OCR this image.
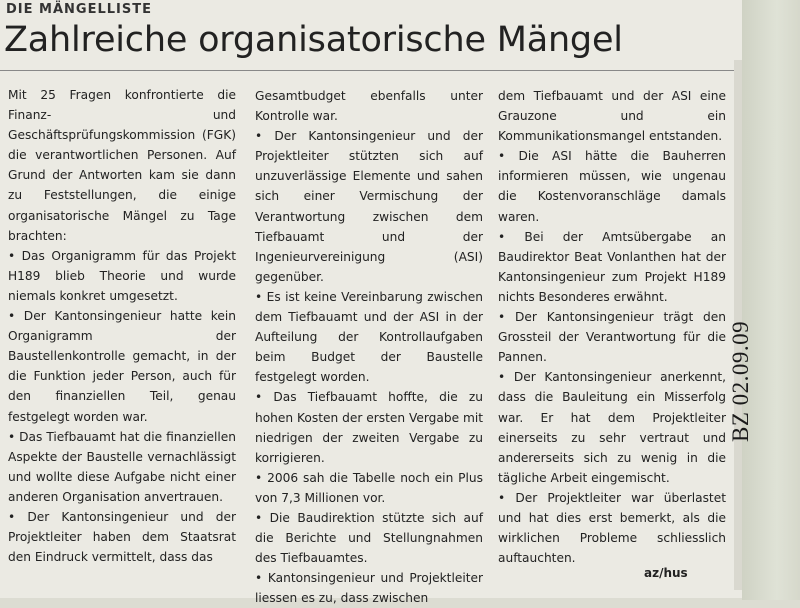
DIE MÄNGELLISTE
Zahlreiche organisatorische Mängel

Mit 25 Fragen konfrontierte die Finanz- und Geschäftsprüfungskommission (FGK) die verantwortlichen Personen. Auf Grund der Antworten kam sie dann zu Feststellungen, die einige organisatorische Mängel zu Tage brachten:

• Das Organigramm für das Projekt H189 blieb Theorie und wurde niemals konkret umgesetzt.

• Der Kantonsingenieur hatte kein Organigramm der Baustellenkontrolle gemacht, in der die Funktion jeder Person, auch für den finanziellen Teil, genau festgelegt worden war.

• Das Tiefbauamt hat die finanziellen Aspekte der Baustelle vernachlässigt und wollte diese Aufgabe nicht einer anderen Organisation anvertrauen.

• Der Kantonsingenieur und der Projektleiter haben dem Staatsrat den Eindruck vermittelt, dass das

Gesamtbudget ebenfalls unter Kontrolle war.

• Der Kantonsingenieur und der Projektleiter stützten sich auf unzuverlässige Elemente und sahen sich einer Vermischung der Verantwortung zwischen dem Tiefbauamt und der Ingenieurvereinigung (ASI) gegenüber.

• Es ist keine Vereinbarung zwischen dem Tiefbauamt und der ASI in der Aufteilung der Kontrollaufgaben beim Budget der Baustelle festgelegt worden.

• Das Tiefbauamt hoffte, die zu hohen Kosten der ersten Vergabe mit niedrigen der zweiten Vergabe zu korrigieren.

• 2006 sah die Tabelle noch ein Plus von 7,3 Millionen vor.

• Die Baudirektion stützte sich auf die Berichte und Stellungnahmen des Tiefbauamtes.

• Kantonsingenieur und Projektleiter liessen es zu, dass zwischen

dem Tiefbauamt und der ASI eine Grauzone und ein Kommunikationsmangel entstanden.

• Die ASI hätte die Bauherren informieren müssen, wie ungenau die Kostenvoranschläge damals waren.

• Bei der Amtsübergabe an Baudirektor Beat Vonlanthen hat der Kantonsingenieur zum Projekt H189 nichts Besonderes erwähnt.

• Der Kantonsingenieur trägt den Grossteil der Verantwortung für die Pannen.

• Der Kantonsingenieur anerkennt, dass die Bauleitung ein Misserfolg war. Er hat dem Projektleiter einerseits zu sehr vertraut und andererseits sich zu wenig in die tägliche Arbeit eingemischt.

• Der Projektleiter war überlastet und hat dies erst bemerkt, als die wirklichen Probleme schliesslich auftauchten.

az/hus
BZ 02.09.09
